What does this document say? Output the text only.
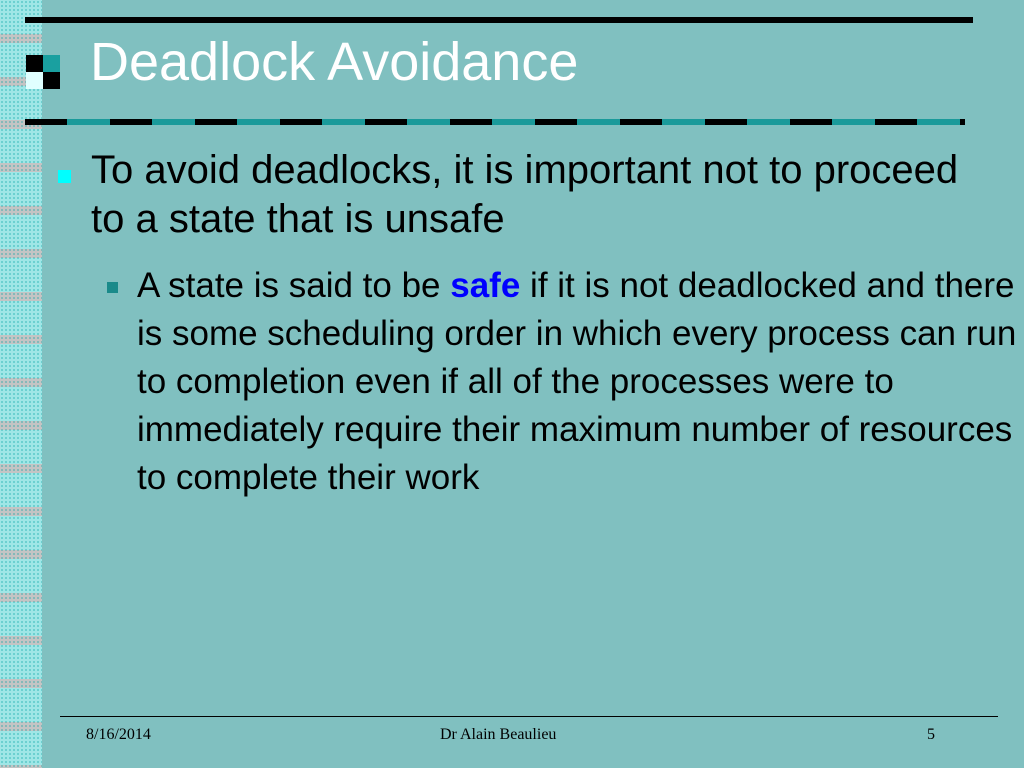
Deadlock Avoidance
To avoid deadlocks, it is important not to proceed to a state that is unsafe
A state is said to be safe if it is not deadlocked and there is some scheduling order in which every process can run to completion even if all of the processes were to immediately require their maximum number of resources to complete their work
8/16/2014	Dr Alain Beaulieu	5
